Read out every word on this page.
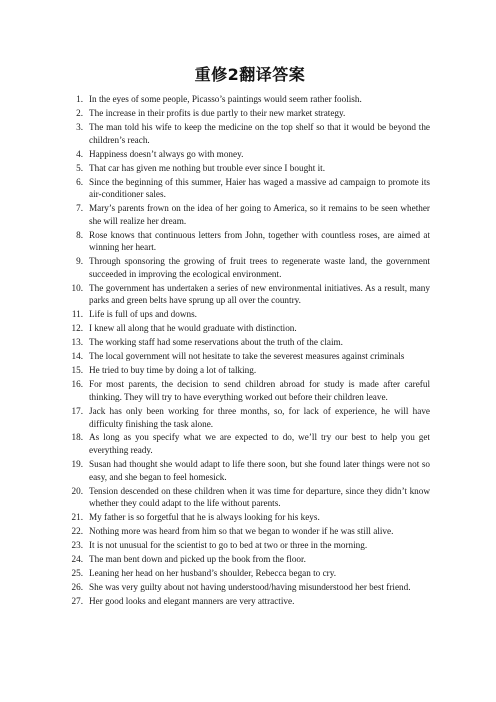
重修2翻译答案
1. In the eyes of some people, Picasso’s paintings would seem rather foolish.
2. The increase in their profits is due partly to their new market strategy.
3. The man told his wife to keep the medicine on the top shelf so that it would be beyond the children’s reach.
4. Happiness doesn’t always go with money.
5. That car has given me nothing but trouble ever since I bought it.
6. Since the beginning of this summer, Haier has waged a massive ad campaign to promote its air-conditioner sales.
7. Mary’s parents frown on the idea of her going to America, so it remains to be seen whether she will realize her dream.
8. Rose knows that continuous letters from John, together with countless roses, are aimed at winning her heart.
9. Through sponsoring the growing of fruit trees to regenerate waste land, the government succeeded in improving the ecological environment.
10. The government has undertaken a series of new environmental initiatives. As a result, many parks and green belts have sprung up all over the country.
11. Life is full of ups and downs.
12. I knew all along that he would graduate with distinction.
13. The working staff had some reservations about the truth of the claim.
14. The local government will not hesitate to take the severest measures against criminals
15. He tried to buy time by doing a lot of talking.
16. For most parents, the decision to send children abroad for study is made after careful thinking. They will try to have everything worked out before their children leave.
17. Jack has only been working for three months, so, for lack of experience, he will have difficulty finishing the task alone.
18. As long as you specify what we are expected to do, we’ll try our best to help you get everything ready.
19. Susan had thought she would adapt to life there soon, but she found later things were not so easy, and she began to feel homesick.
20. Tension descended on these children when it was time for departure, since they didn’t know whether they could adapt to the life without parents.
21. My father is so forgetful that he is always looking for his keys.
22. Nothing more was heard from him so that we began to wonder if he was still alive.
23. It is not unusual for the scientist to go to bed at two or three in the morning.
24. The man bent down and picked up the book from the floor.
25. Leaning her head on her husband’s shoulder, Rebecca began to cry.
26. She was very guilty about not having understood/having misunderstood her best friend.
27. Her good looks and elegant manners are very attractive.
